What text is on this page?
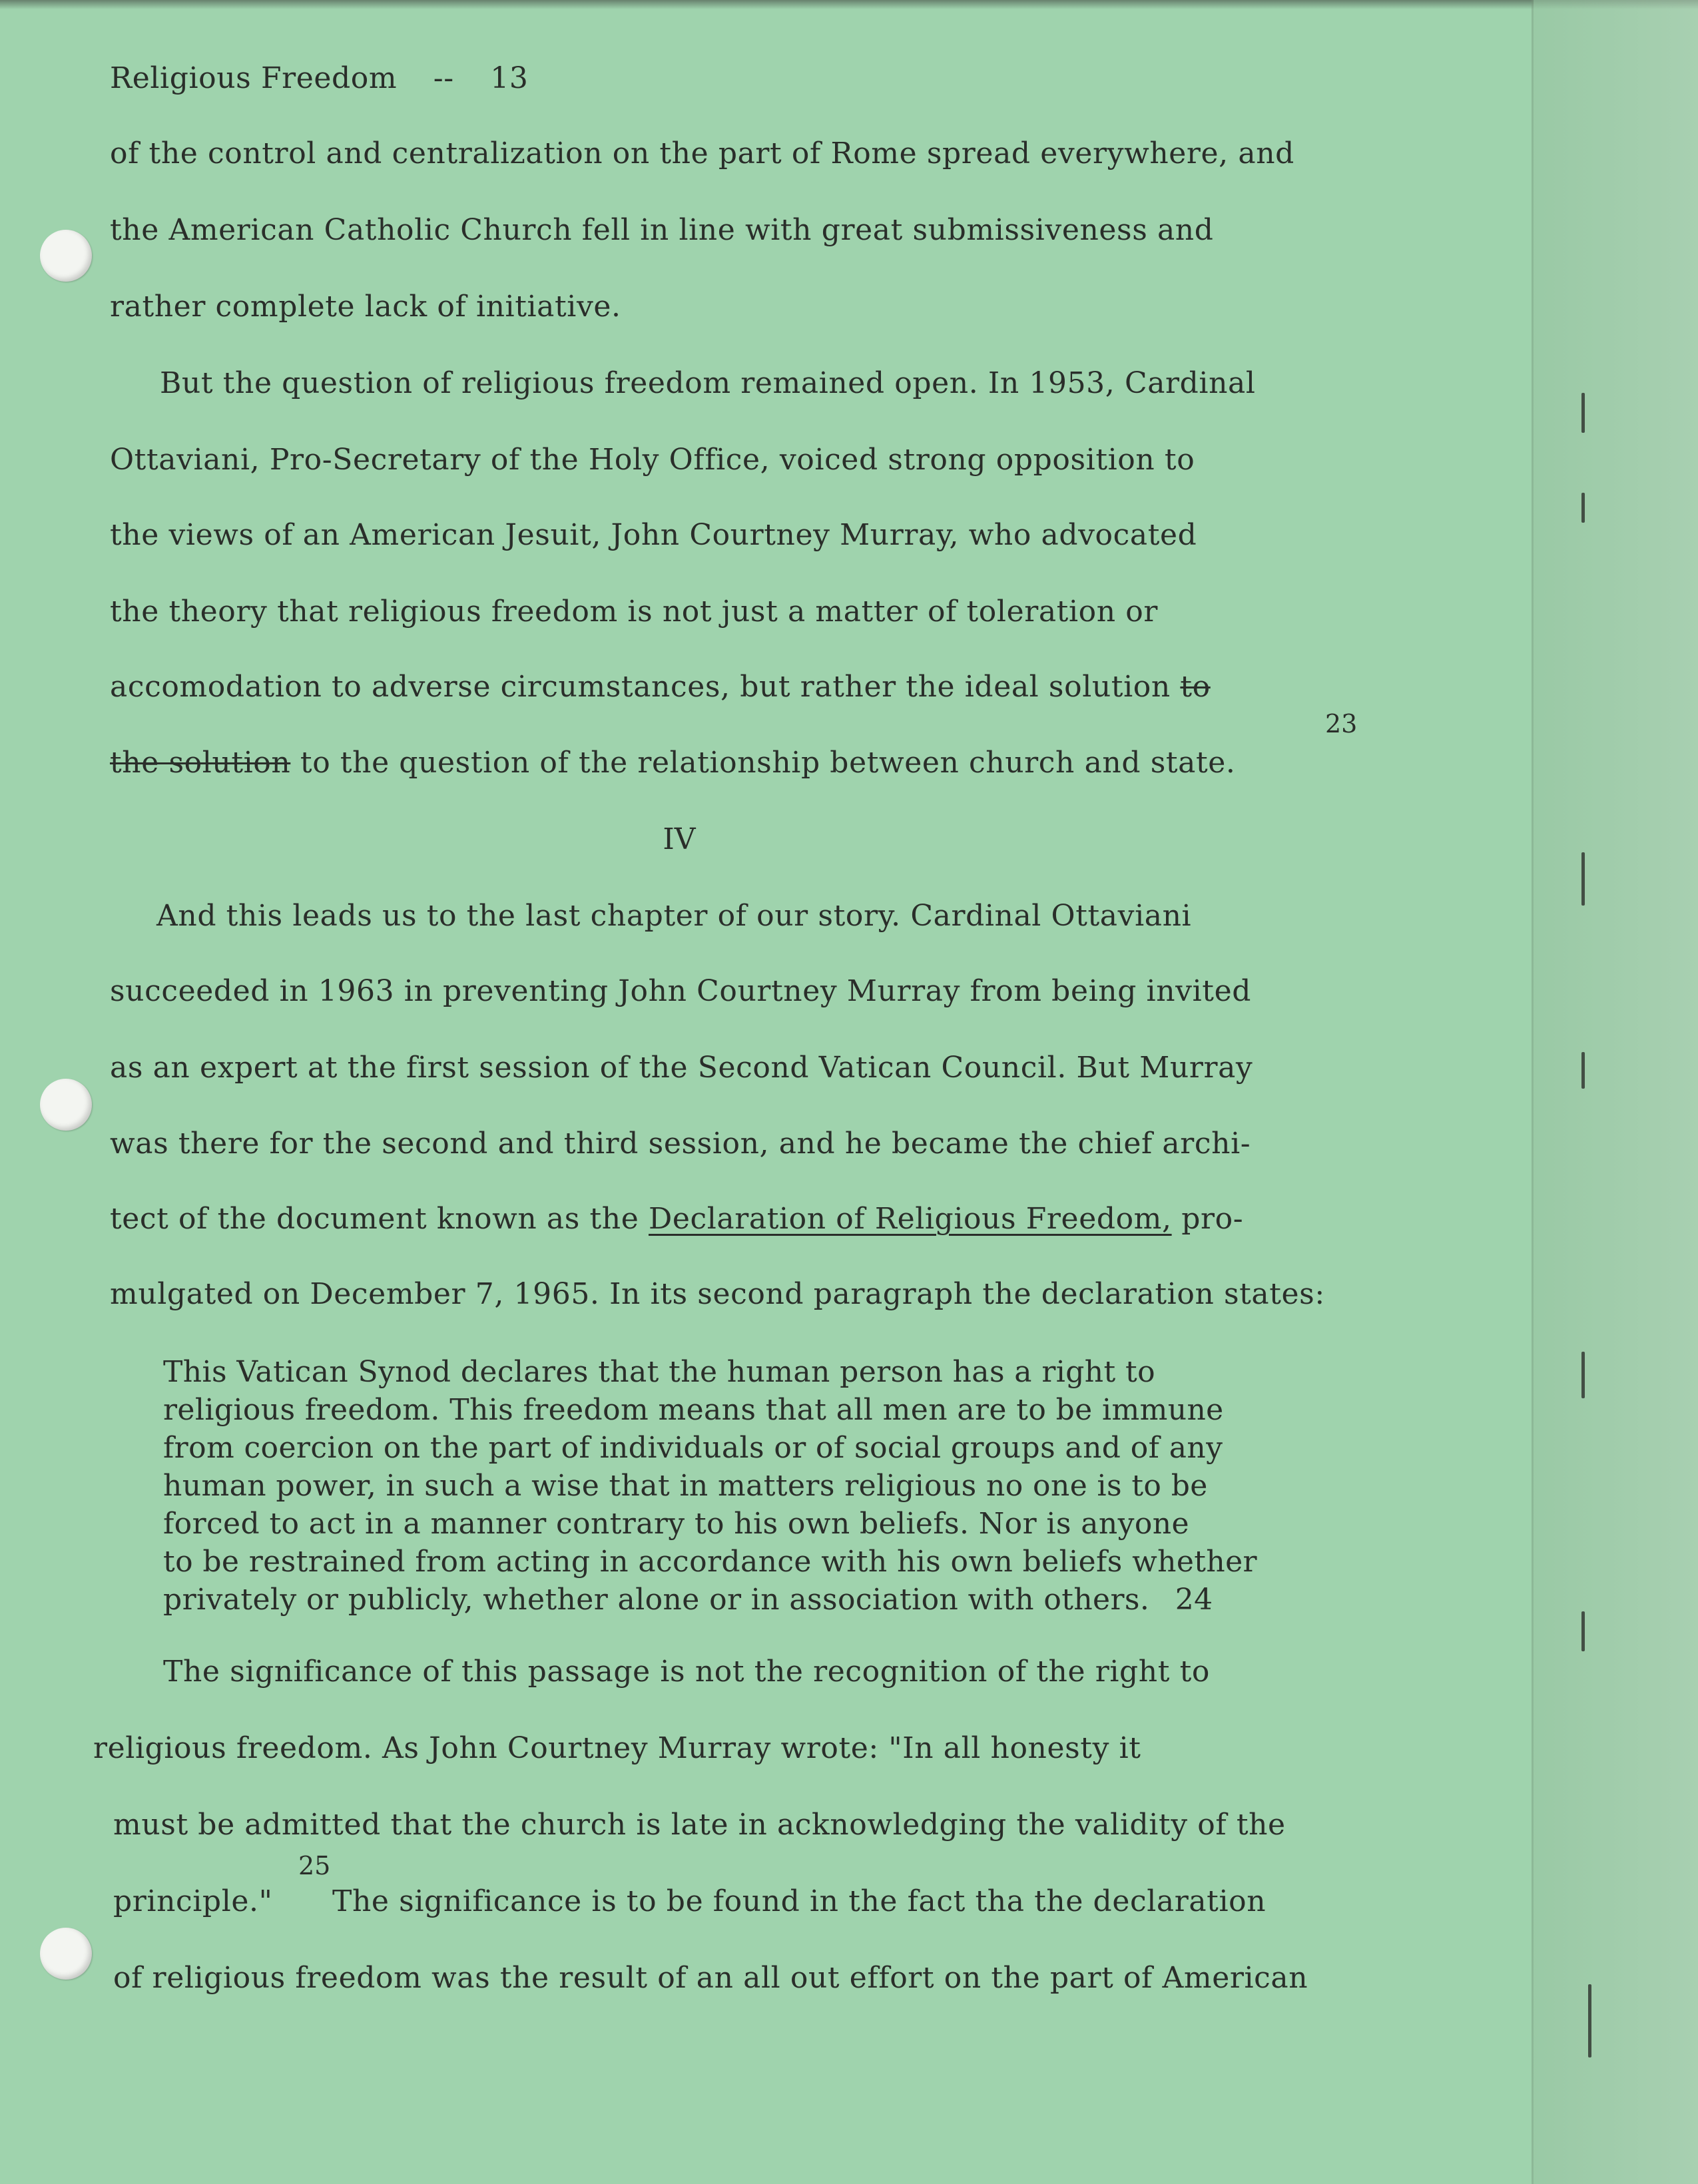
Religious Freedom -- 13
of the control and centralization on the part of Rome spread everywhere, and
the American Catholic Church fell in line with great submissiveness and
rather complete lack of initiative.
But the question of religious freedom remained open. In 1953, Cardinal
Ottaviani, Pro-Secretary of the Holy Office, voiced strong opposition to
the views of an American Jesuit, John Courtney Murray, who advocated
the theory that religious freedom is not just a matter of toleration or
accomodation to adverse circumstances, but rather the ideal solution to
23
the solution to the question of the relationship between church and state.
IV
And this leads us to the last chapter of our story. Cardinal Ottaviani
succeeded in 1963 in preventing John Courtney Murray from being invited
as an expert at the first session of the Second Vatican Council. But Murray
was there for the second and third session, and he became the chief archi-
tect of the document known as the Declaration of Religious Freedom, pro-
mulgated on December 7, 1965. In its second paragraph the declaration states:
This Vatican Synod declares that the human person has a right to
religious freedom. This freedom means that all men are to be immune
from coercion on the part of individuals or of social groups and of any
human power, in such a wise that in matters religious no one is to be
forced to act in a manner contrary to his own beliefs. Nor is anyone
to be restrained from acting in accordance with his own beliefs whether
privately or publicly, whether alone or in association with others. 24
The significance of this passage is not the recognition of the right to
religious freedom. As John Courtney Murray wrote: "In all honesty it
must be admitted that the church is late in acknowledging the validity of the
25
principle." The significance is to be found in the fact tha the declaration
of religious freedom was the result of an all out effort on the part of American
